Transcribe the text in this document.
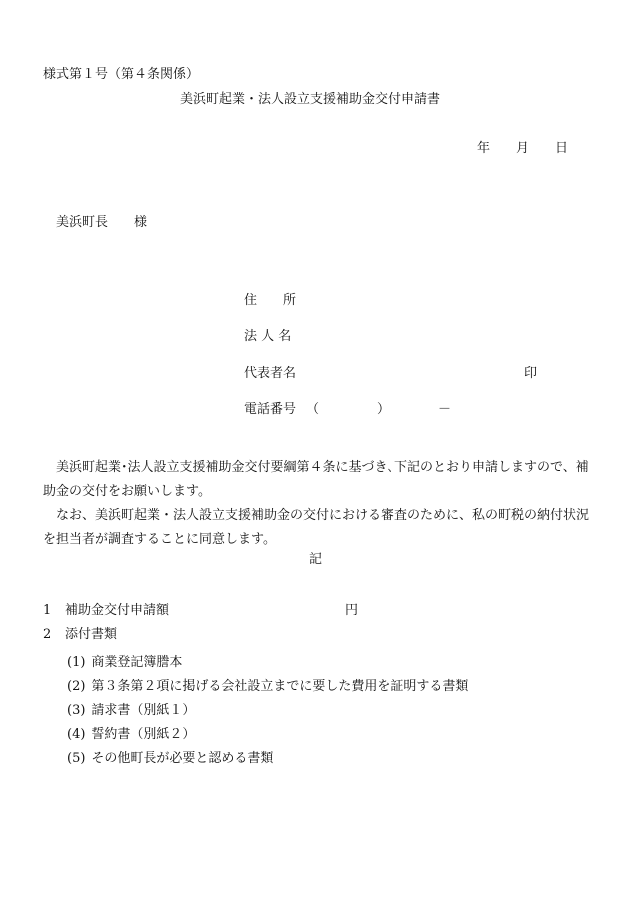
様式第１号（第４条関係）
美浜町起業・法人設立支援補助金交付申請書
年 月 日
美浜町長 様
住　　所
法 人 名
代表者名	印
電話番号 （	）	－
美浜町起業･法人設立支援補助金交付要綱第４条に基づき､下記のとおり申請しますので、補助金の交付をお願いします。
なお、美浜町起業・法人設立支援補助金の交付における審査のために、私の町税の納付状況を担当者が調査することに同意します。
記
1 補助金交付申請額	円
2 添付書類
(1) 商業登記簿謄本
(2) 第３条第２項に掲げる会社設立までに要した費用を証明する書類
(3) 請求書（別紙１）
(4) 誓約書（別紙２）
(5) その他町長が必要と認める書類
